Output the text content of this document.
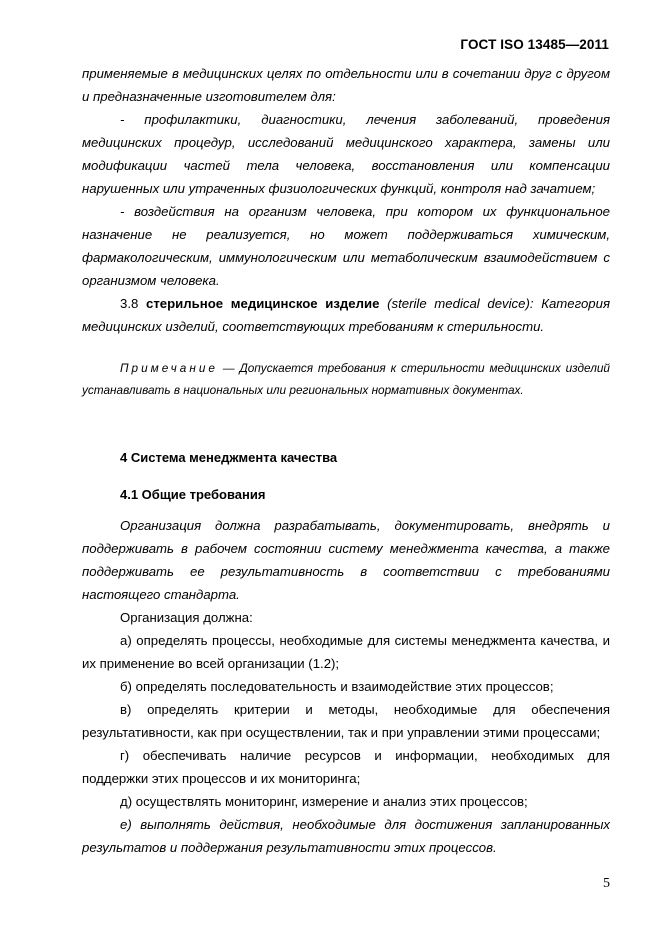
ГОСТ ISO 13485—2011

применяемые в медицинских целях по отдельности или в сочетании друг с другом и предназначенные изготовителем для:

- профилактики, диагностики, лечения заболеваний, проведения медицинских процедур, исследований медицинского характера, замены или модификации частей тела человека, восстановления или компенсации нарушенных или утраченных физиологических функций, контроля над зачатием;

- воздействия на организм человека, при котором их функциональное назначение не реализуется, но может поддерживаться химическим, фармакологическим, иммунологическим или метаболическим взаимодействием с организмом человека.

3.8 стерильное медицинское изделие (sterile medical device): Категория медицинских изделий, соответствующих требованиям к стерильности.

Примечание — Допускается требования к стерильности медицинских изделий устанавливать в национальных или региональных нормативных документах.

4 Система менеджмента качества

4.1 Общие требования

Организация должна разрабатывать, документировать, внедрять и поддерживать в рабочем состоянии систему менеджмента качества, а также поддерживать ее результативность в соответствии с требованиями настоящего стандарта.

Организация должна:

а) определять процессы, необходимые для системы менеджмента качества, и их применение во всей организации (1.2);

б) определять последовательность и взаимодействие этих процессов;

в) определять критерии и методы, необходимые для обеспечения результативности, как при осуществлении, так и при управлении этими процессами;

г) обеспечивать наличие ресурсов и информации, необходимых для поддержки этих процессов и их мониторинга;

д) осуществлять мониторинг, измерение и анализ этих процессов;

е) выполнять действия, необходимые для достижения запланированных результатов и поддержания результативности этих процессов.

5
